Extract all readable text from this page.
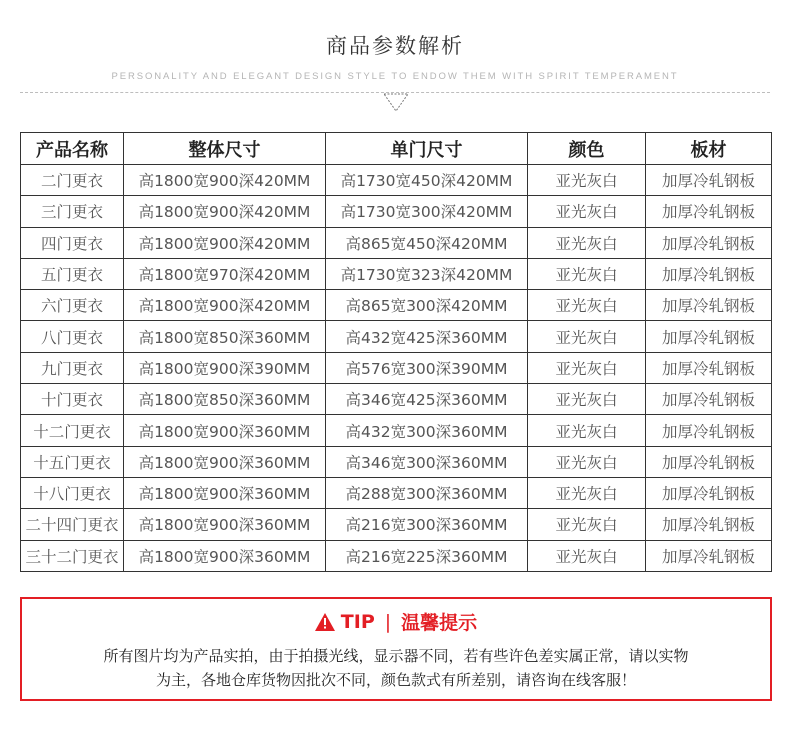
商品参数解析
PERSONALITY AND ELEGANT DESIGN STYLE TO ENDOW THEM WITH SPIRIT TEMPERAMENT
产品名称	整体尺寸	单门尺寸	颜色	板材
二门更衣	高1800宽900深420MM	高1730宽450深420MM	亚光灰白	加厚冷轧钢板
三门更衣	高1800宽900深420MM	高1730宽300深420MM	亚光灰白	加厚冷轧钢板
四门更衣	高1800宽900深420MM	高865宽450深420MM	亚光灰白	加厚冷轧钢板
五门更衣	高1800宽970深420MM	高1730宽323深420MM	亚光灰白	加厚冷轧钢板
六门更衣	高1800宽900深420MM	高865宽300深420MM	亚光灰白	加厚冷轧钢板
八门更衣	高1800宽850深360MM	高432宽425深360MM	亚光灰白	加厚冷轧钢板
九门更衣	高1800宽900深390MM	高576宽300深390MM	亚光灰白	加厚冷轧钢板
十门更衣	高1800宽850深360MM	高346宽425深360MM	亚光灰白	加厚冷轧钢板
十二门更衣	高1800宽900深360MM	高432宽300深360MM	亚光灰白	加厚冷轧钢板
十五门更衣	高1800宽900深360MM	高346宽300深360MM	亚光灰白	加厚冷轧钢板
十八门更衣	高1800宽900深360MM	高288宽300深360MM	亚光灰白	加厚冷轧钢板
二十四门更衣	高1800宽900深360MM	高216宽300深360MM	亚光灰白	加厚冷轧钢板
三十二门更衣	高1800宽900深360MM	高216宽225深360MM	亚光灰白	加厚冷轧钢板
TIP | 温馨提示
所有图片均为产品实拍，由于拍摄光线，显示器不同，若有些许色差实属正常，请以实物
为主，各地仓库货物因批次不同，颜色款式有所差别，请咨询在线客服！
